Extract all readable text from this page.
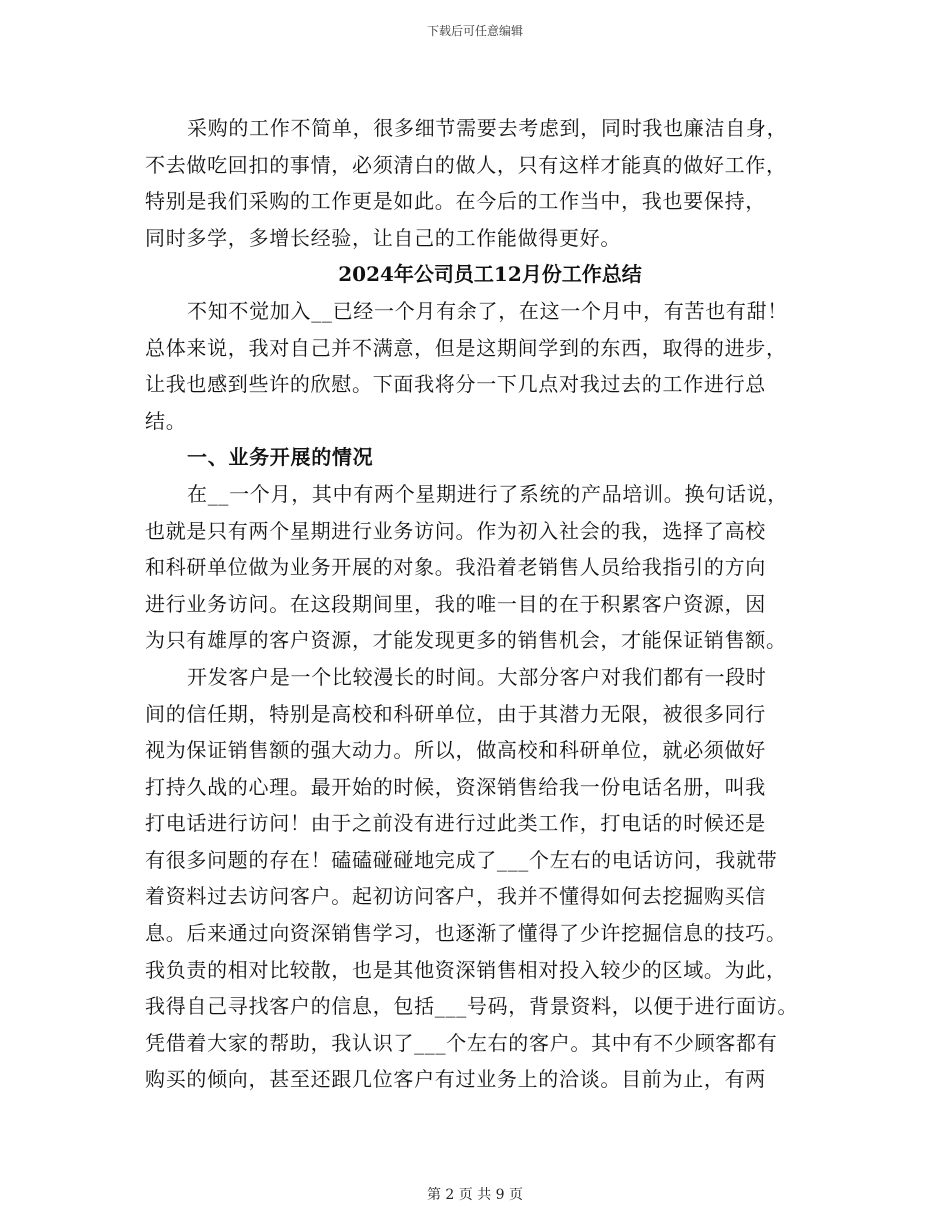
下载后可任意编辑
采购的工作不简单，很多细节需要去考虑到，同时我也廉洁自身，
不去做吃回扣的事情，必须清白的做人，只有这样才能真的做好工作，
特别是我们采购的工作更是如此。在今后的工作当中，我也要保持，
同时多学，多增长经验，让自己的工作能做得更好。
2024年公司员工12月份工作总结
不知不觉加入__已经一个月有余了，在这一个月中，有苦也有甜！
总体来说，我对自己并不满意，但是这期间学到的东西，取得的进步，
让我也感到些许的欣慰。下面我将分一下几点对我过去的工作进行总
结。
一、业务开展的情况
在__一个月，其中有两个星期进行了系统的产品培训。换句话说，
也就是只有两个星期进行业务访问。作为初入社会的我，选择了高校
和科研单位做为业务开展的对象。我沿着老销售人员给我指引的方向
进行业务访问。在这段期间里，我的唯一目的在于积累客户资源，因
为只有雄厚的客户资源，才能发现更多的销售机会，才能保证销售额。
开发客户是一个比较漫长的时间。大部分客户对我们都有一段时
间的信任期，特别是高校和科研单位，由于其潜力无限，被很多同行
视为保证销售额的强大动力。所以，做高校和科研单位，就必须做好
打持久战的心理。最开始的时候，资深销售给我一份电话名册，叫我
打电话进行访问！由于之前没有进行过此类工作，打电话的时候还是
有很多问题的存在！磕磕碰碰地完成了___个左右的电话访问，我就带
着资料过去访问客户。起初访问客户，我并不懂得如何去挖掘购买信
息。后来通过向资深销售学习，也逐渐了懂得了少许挖掘信息的技巧。
我负责的相对比较散，也是其他资深销售相对投入较少的区域。为此，
我得自己寻找客户的信息，包括___号码，背景资料，以便于进行面访。
凭借着大家的帮助，我认识了___个左右的客户。其中有不少顾客都有
购买的倾向，甚至还跟几位客户有过业务上的洽谈。目前为止，有两
第 2 页 共 9 页
